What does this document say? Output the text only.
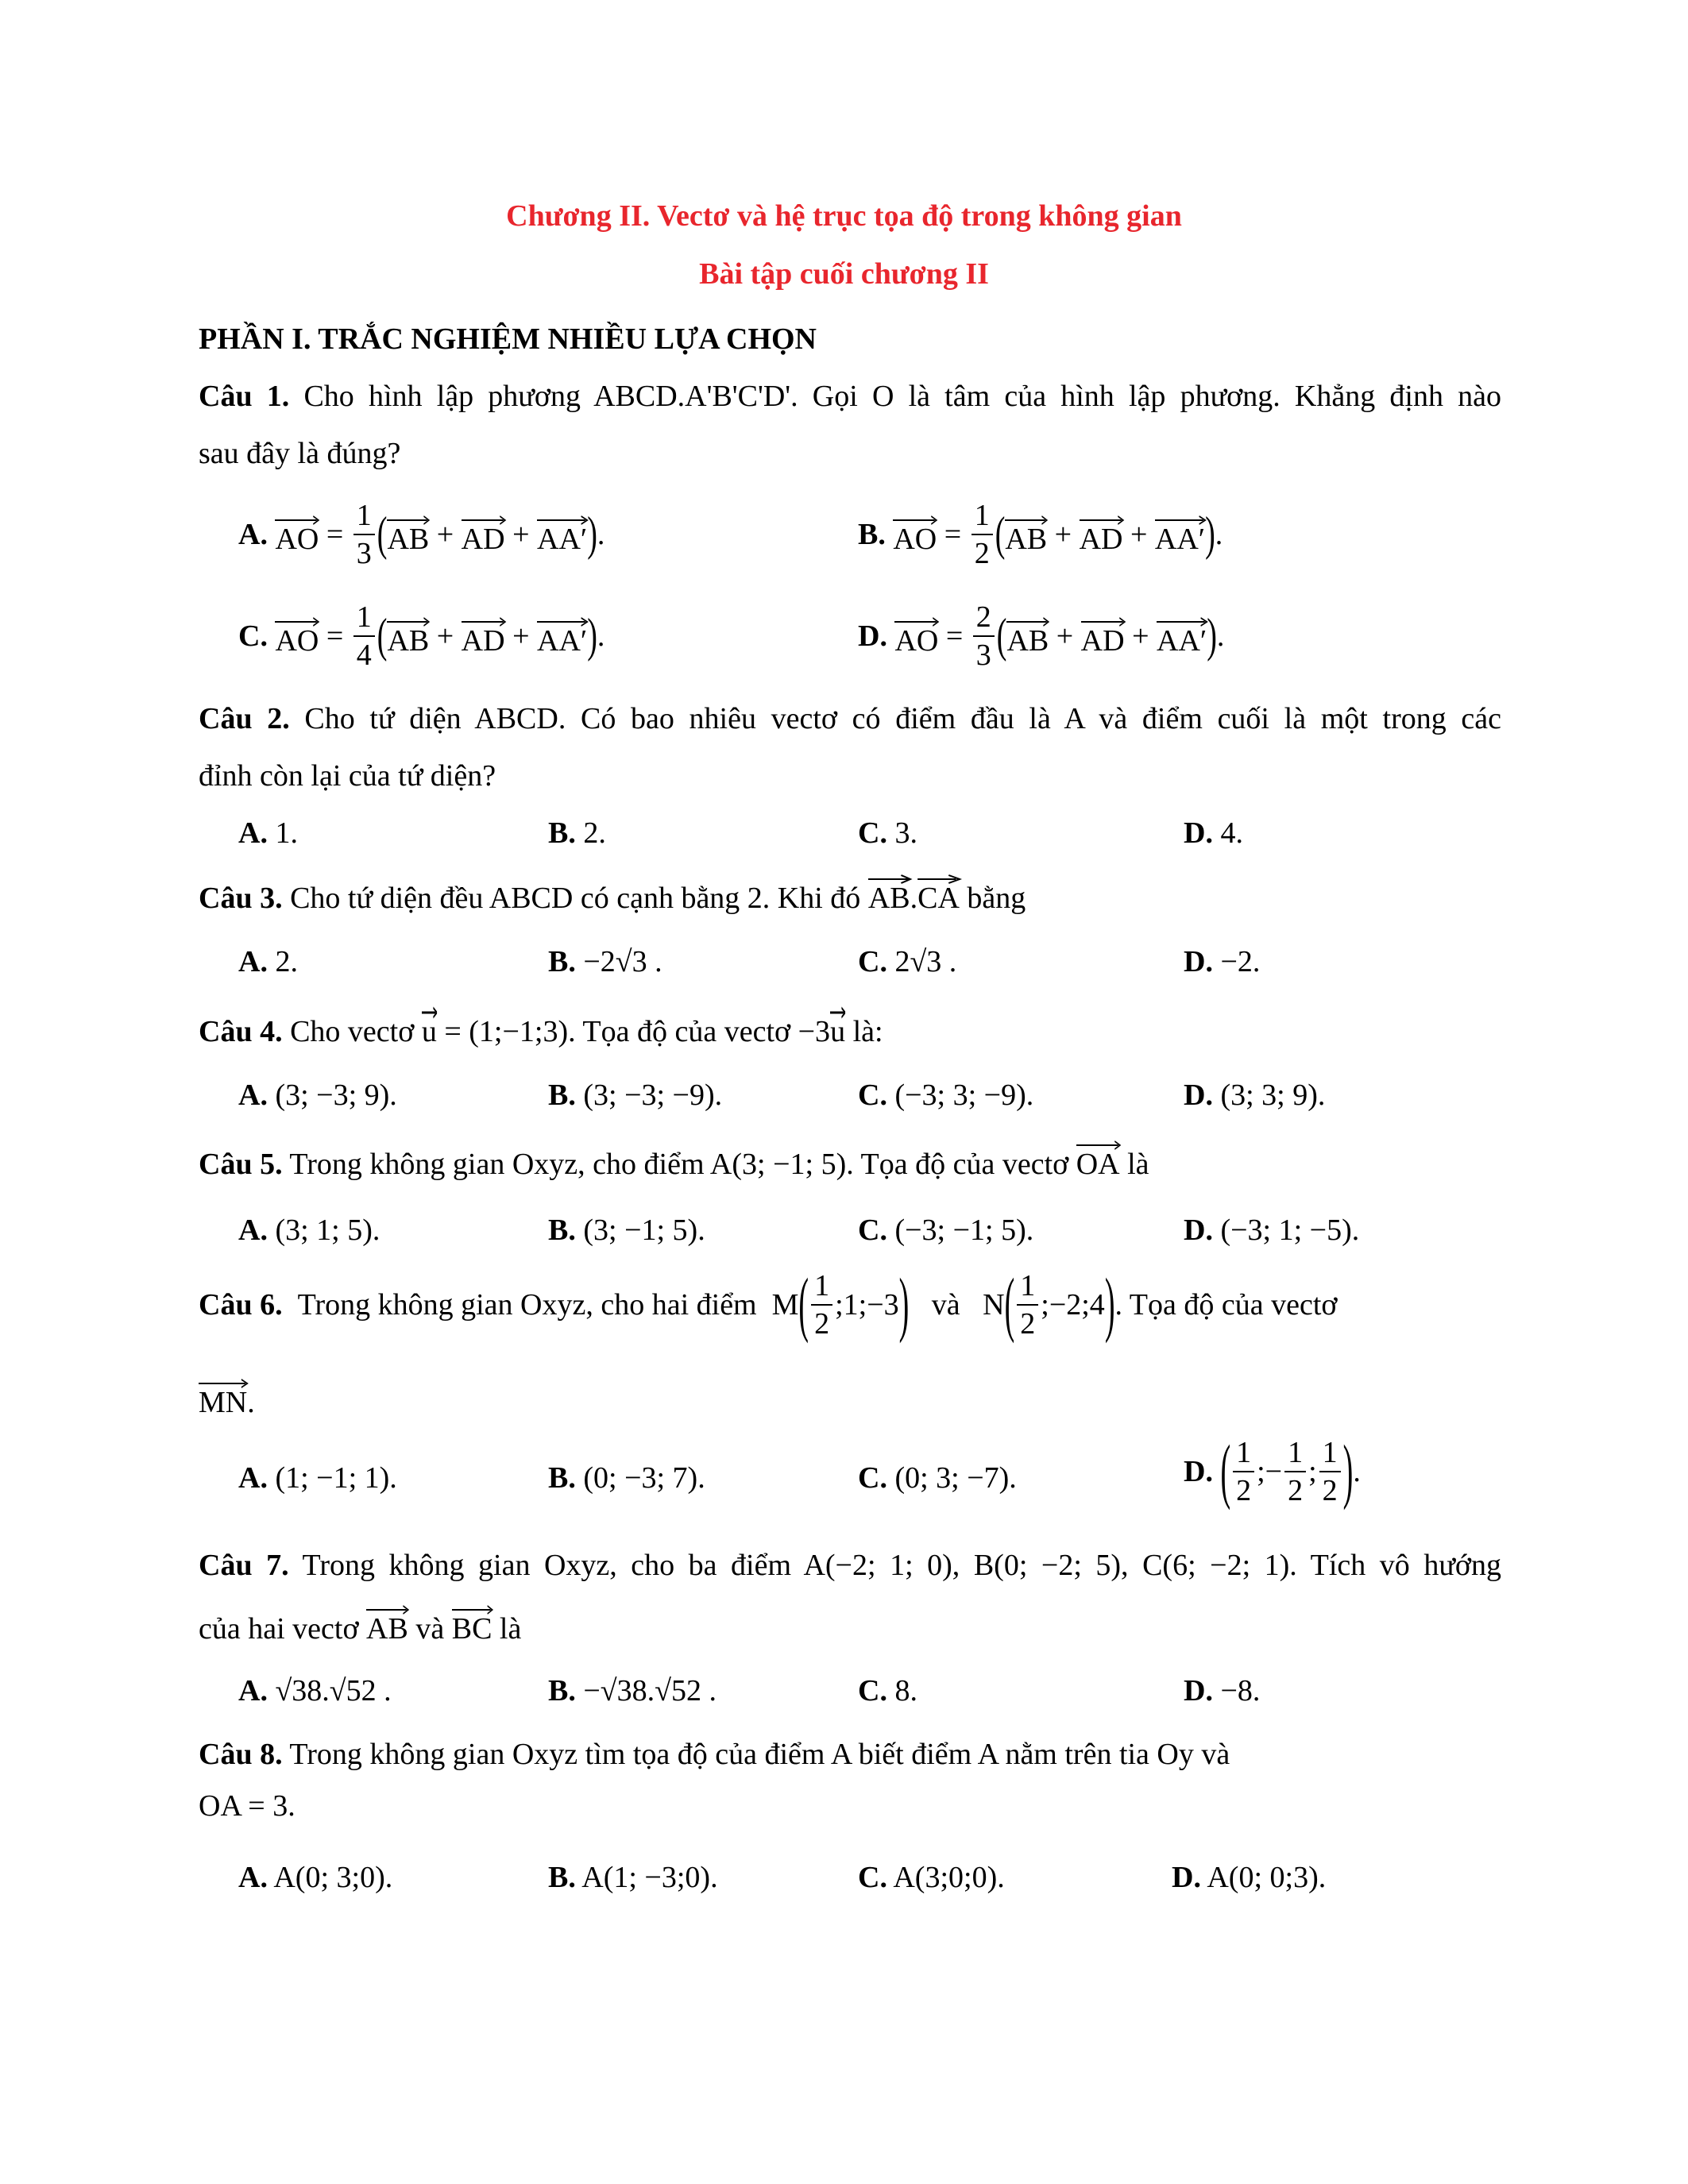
Chương II. Vectơ và hệ trục tọa độ trong không gian
Bài tập cuối chương II
PHẦN I. TRẮC NGHIỆM NHIỀU LỰA CHỌN
Câu 1. Cho hình lập phương ABCD.A'B'C'D'. Gọi O là tâm của hình lập phương. Khẳng định nào
sau đây là đúng?
A.
AO = $\frac{1}{3}$ ( AB + AD + AA′ ) .	B.
AO = $\frac{1}{2}$ ( AB + AD + AA′ ) .
C.
AO = $\frac{1}{4}$ ( AB + AD + AA′ ) .	D.
AO = $\frac{2}{3}$ ( AB + AD + AA′ ) .
Câu 2. Cho tứ diện ABCD. Có bao nhiêu vectơ có điểm đầu là A và điểm cuối là một trong các
đỉnh còn lại của tứ diện?
A. 1.	B. 2.	C. 3.	D. 4.
Câu 3. Cho tứ diện đều ABCD có cạnh bằng 2. Khi đó AB.CA bằng
A. 2.	B. −2√3 .	C. 2√3 .	D. −2.
Câu 4. Cho vectơ u
= (1;−1;3). Tọa độ của vectơ −3u là:
A. (3; −3; 9).	B. (3; −3; −9).	C. (−3; 3; −9).	D. (3; 3; 9).
Câu 5. Trong không gian Oxyz, cho điểm A(3; −1; 5). Tọa độ của vectơ OA là
A. (3; 1; 5).	B. (3; −1; 5).	C. (−3; −1; 5).	D. (−3; 1; −5).
Câu 6.
Trong không gian Oxyz, cho hai điểm M ( $\frac{1}{2}$ ;1;−3 )
và N ( $\frac{1}{2}$ ;−2;4 ) . Tọa độ của vectơ
MN
.
A. (1; −1; 1).	B. (0; −3; 7).	C. (0; 3; −7).	D.
( $\frac{1}{2}$ ;− $\frac{1}{2}$ ; $\frac{1}{2}$ ) .
Câu 7. Trong không gian Oxyz, cho ba điểm A(−2; 1; 0), B(0; −2; 5), C(6; −2; 1). Tích vô hướng
của hai vectơ AB và BC là
A. √38.√52 .	B. −√38.√52 .	C. 8.	D. −8.
Câu 8. Trong không gian Oxyz tìm tọa độ của điểm A biết điểm A nằm trên tia Oy và
OA = 3.
A. A(0; 3;0).	B. A(1; −3;0).	C. A(3;0;0).	D. A(0; 0;3).
